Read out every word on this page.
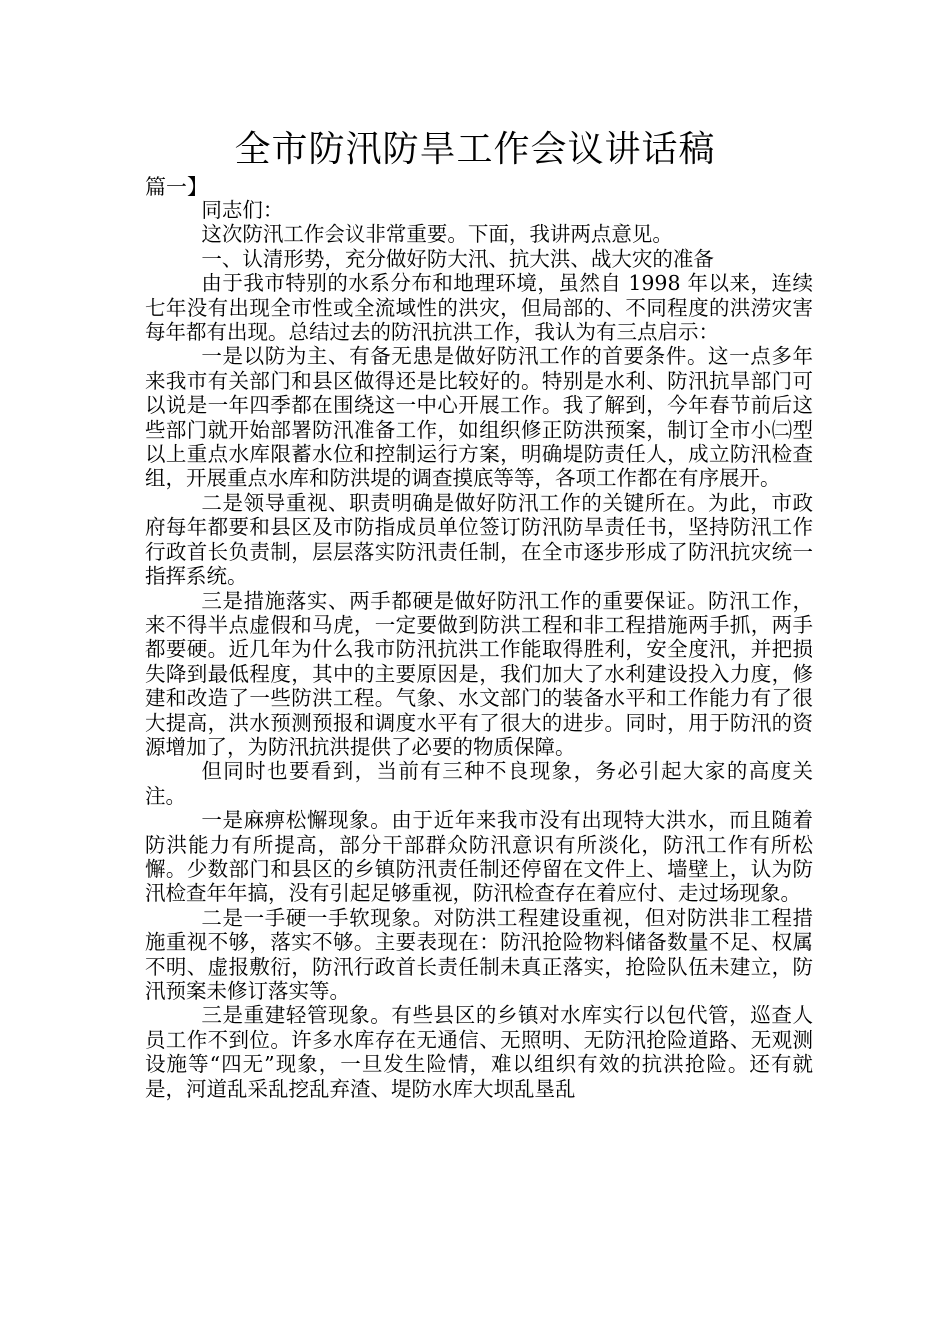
全市防汛防旱工作会议讲话稿
篇一】

同志们：

这次防汛工作会议非常重要。下面，我讲两点意见。

一、认清形势，充分做好防大汛、抗大洪、战大灾的准备

由于我市特别的水系分布和地理环境，虽然自 1998 年以来，连续七年没有出现全市性或全流域性的洪灾，但局部的、不同程度的洪涝灾害每年都有出现。总结过去的防汛抗洪工作，我认为有三点启示：

一是以防为主、有备无患是做好防汛工作的首要条件。这一点多年来我市有关部门和县区做得还是比较好的。特别是水利、防汛抗旱部门可以说是一年四季都在围绕这一中心开展工作。我了解到，今年春节前后这些部门就开始部署防汛准备工作，如组织修正防洪预案，制订全市小㈡型以上重点水库限蓄水位和控制运行方案，明确堤防责任人，成立防汛检查组，开展重点水库和防洪堤的调查摸底等等，各项工作都在有序展开。

二是领导重视、职责明确是做好防汛工作的关键所在。为此，市政府每年都要和县区及市防指成员单位签订防汛防旱责任书，坚持防汛工作行政首长负责制，层层落实防汛责任制，在全市逐步形成了防汛抗灾统一指挥系统。

三是措施落实、两手都硬是做好防汛工作的重要保证。防汛工作，来不得半点虚假和马虎，一定要做到防洪工程和非工程措施两手抓，两手都要硬。近几年为什么我市防汛抗洪工作能取得胜利，安全度汛，并把损失降到最低程度，其中的主要原因是，我们加大了水利建设投入力度，修建和改造了一些防洪工程。气象、水文部门的装备水平和工作能力有了很大提高，洪水预测预报和调度水平有了很大的进步。同时，用于防汛的资源增加了，为防汛抗洪提供了必要的物质保障。

但同时也要看到，当前有三种不良现象，务必引起大家的高度关注。

一是麻痹松懈现象。由于近年来我市没有出现特大洪水，而且随着防洪能力有所提高，部分干部群众防汛意识有所淡化，防汛工作有所松懈。少数部门和县区的乡镇防汛责任制还停留在文件上、墙壁上，认为防汛检查年年搞，没有引起足够重视，防汛检查存在着应付、走过场现象。

二是一手硬一手软现象。对防洪工程建设重视，但对防洪非工程措施重视不够，落实不够。主要表现在：防汛抢险物料储备数量不足、权属不明、虚报敷衍，防汛行政首长责任制未真正落实，抢险队伍未建立，防汛预案未修订落实等。

三是重建轻管现象。有些县区的乡镇对水库实行以包代管，巡查人员工作不到位。许多水库存在无通信、无照明、无防汛抢险道路、无观测设施等“四无”现象，一旦发生险情，难以组织有效的抗洪抢险。还有就是，河道乱采乱挖乱弃渣、堤防水库大坝乱垦乱
